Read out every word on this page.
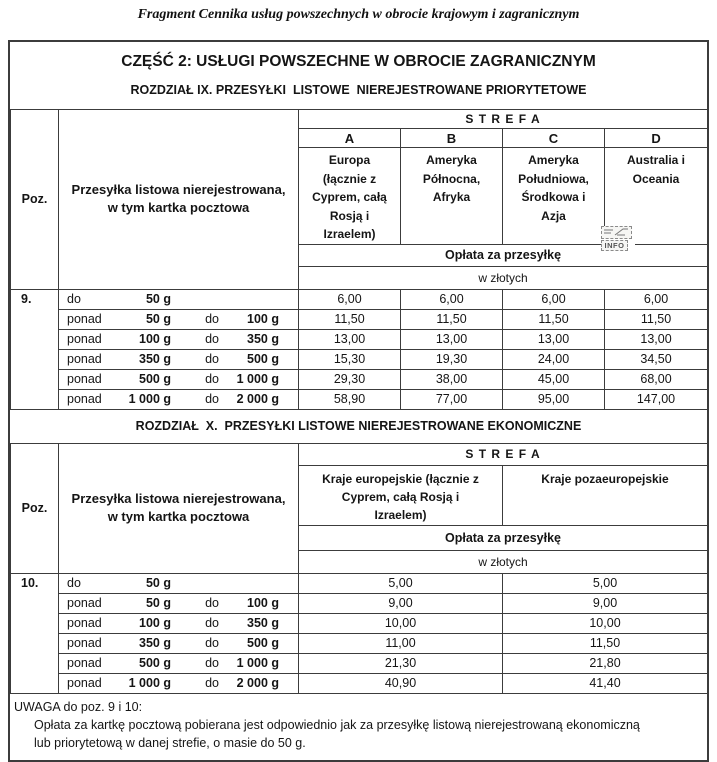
Fragment Cennika usług powszechnych w obrocie krajowym i zagranicznym
CZĘŚĆ 2: USŁUGI POWSZECHNE W OBROCIE ZAGRANICZNYM
ROZDZIAŁ IX. PRZESYŁKI  LISTOWE  NIEREJESTROWANE PRIORYTETOWE
Poz.	Przesyłka listowa nierejestrowana, w tym kartka pocztowa	S T R E F A			
		A	B	C	D

		Europa (łącznie z Cyprem, całą Rosją i Izraelem)	Ameryka Północna, Afryka	Ameryka Południowa, Środkowa i Azja	Australia i Oceania

		Opłata za przesyłkę			
		w złotych			
9.	do 50 g	6,00	6,00	6,00	6,00

	ponad 50 g do 100 g	11,50	11,50	11,50	11,50

	ponad 100 g do 350 g	13,00	13,00	13,00	13,00

	ponad 350 g do 500 g	15,30	19,30	24,00	34,50

	ponad 500 g do 1 000 g	29,30	38,00	45,00	68,00

	ponad 1 000 g do 2 000 g	58,90	77,00	95,00	147,00
ROZDZIAŁ  X.  PRZESYŁKI LISTOWE NIEREJESTROWANE EKONOMICZNE
Poz.	Przesyłka listowa nierejestrowana, w tym kartka pocztowa	S T R E F A	

		Kraje europejskie (łącznie z Cyprem, całą Rosją i Izraelem)	Kraje pozaeuropejskie

		Opłata za przesyłkę	
		w złotych	
10.	do 50 g	5,00	5,00

	ponad 50 g do 100 g	9,00	9,00

	ponad 100 g do 350 g	10,00	10,00

	ponad 350 g do 500 g	11,00	11,50

	ponad 500 g do 1 000 g	21,30	21,80

	ponad 1 000 g do 2 000 g	40,90	41,40
UWAGA do poz. 9 i 10:
Opłata za kartkę pocztową pobierana jest odpowiednio jak za przesyłkę listową nierejestrowaną ekonomiczną
lub priorytetową w danej strefie, o masie do 50 g.
INFO
